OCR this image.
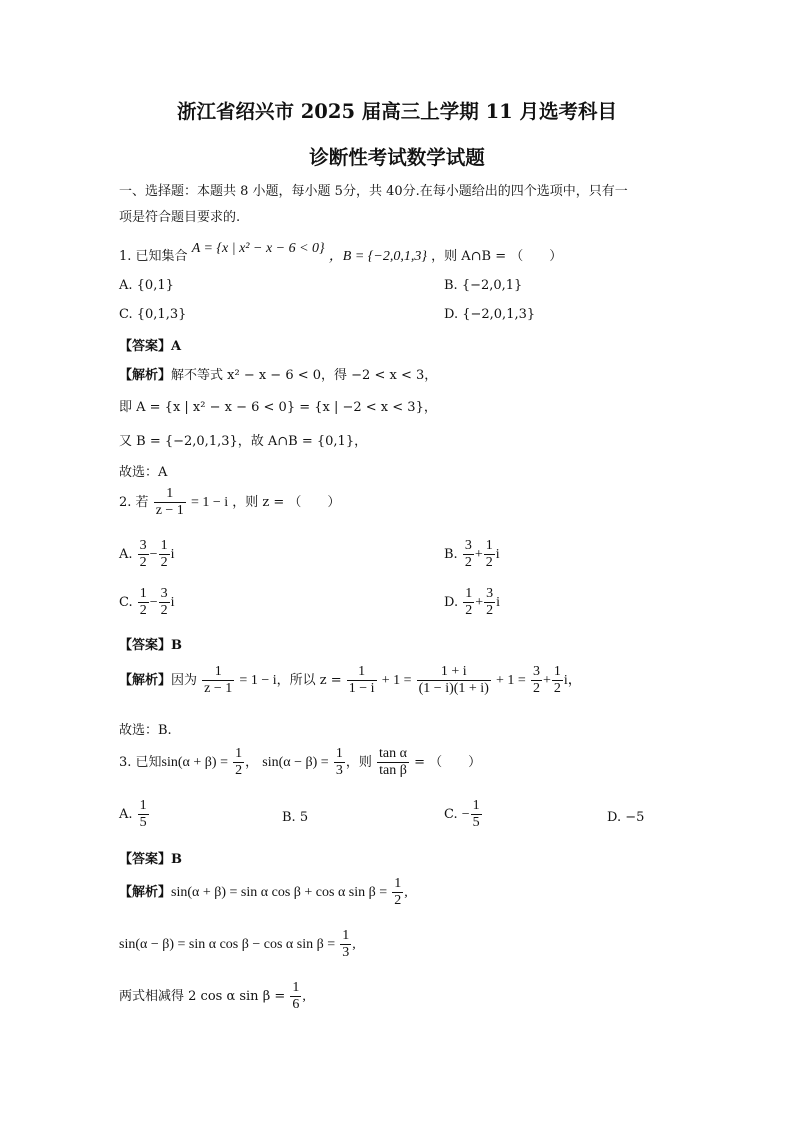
浙江省绍兴市 2025 届高三上学期 11 月选考科目
诊断性考试数学试题
一、选择题：本题共 8 小题，每小题 5分，共 40分.在每小题给出的四个选项中，只有一
项是符合题目要求的.
1. 已知集合 A = {x | x² − x − 6 < 0} ，B = {−2,0,1,3} ，则 A∩B = （　　）
A. {0,1}	B. {−2,0,1}
C. {0,1,3}	D. {−2,0,1,3}
【答案】A
【解析】解不等式 x² − x − 6 < 0，得 −2 < x < 3，
即 A = {x | x² − x − 6 < 0} = {x | −2 < x < 3}，
又 B = {−2,0,1,3}，故 A∩B = {0,1}，
故选：A
2. 若 $\frac{1}{z - 1} = 1 - i$ ，则 z = （　　）
A. $\frac{3}{2} - \frac{1}{2}$ i	B. $\frac{3}{2} + \frac{1}{2}$ i
C. $\frac{1}{2} - \frac{3}{2}$ i	D. $\frac{1}{2} + \frac{3}{2}$ i
【答案】B
【解析】因为 $\frac{1}{z - 1} = 1 - i$，所以 $z = \frac{1}{1 - i} + 1 = \frac{1 + i}{(1 - i)(1 + i)} + 1 = \frac{3}{2} + \frac{1}{2}$ i，
故选：B.
3. 已知$\sin(\alpha + \beta) = \frac{1}{2}$ ， $\sin(\alpha - \beta) = \frac{1}{3}$ ，则 $\frac{\text{tan α}}{\text{tan β}}$ = （　　）
A. $\frac{1}{5}$	B. 5	C. − $\frac{1}{5}$	D. −5
【答案】B
【解析】sin(α + β) = sin α cos β + cos α $\sin \beta = \frac{1}{2}$ ,
sin(α − β) = sin α cos β − cos α $\sin \beta = \frac{1}{3}$ ,
两式相减得 2 cos α $\sin \beta = \frac{1}{6}$ ,
